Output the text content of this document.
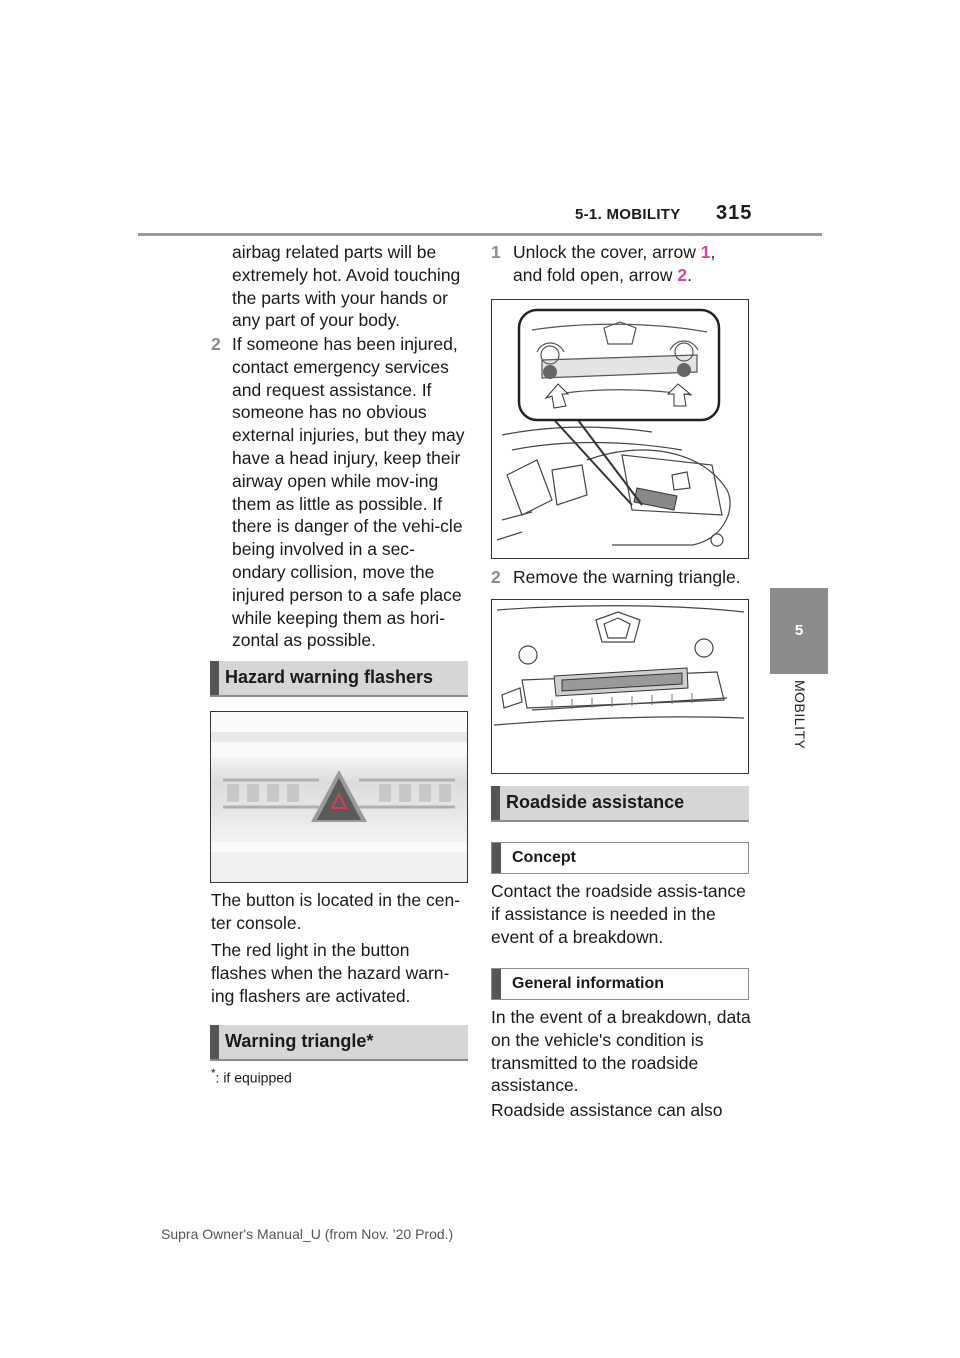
5-1. MOBILITY 315
5
MOBILITY
airbag related parts will be extremely hot. Avoid touching the parts with your hands or any part of your body.
2 If someone has been injured, contact emergency services and request assistance. If someone has no obvious external injuries, but they may have a head injury, keep their airway open while mov-ing them as little as possible. If there is danger of the vehi-cle being involved in a sec-ondary collision, move the injured person to a safe place while keeping them as hori-zontal as possible.
Hazard warning flashers
The button is located in the cen-ter console.
The red light in the button flashes when the hazard warn-ing flashers are activated.
Warning triangle*
*: if equipped
1 Unlock the cover, arrow 1,
and fold open, arrow 2.
2 Remove the warning triangle.
Roadside assistance
Concept
Contact the roadside assis-tance if assistance is needed in the event of a breakdown.
General information
In the event of a breakdown, data on the vehicle's condition is transmitted to the roadside assistance.
Roadside assistance can also
Supra Owner's Manual_U (from Nov. '20 Prod.)
